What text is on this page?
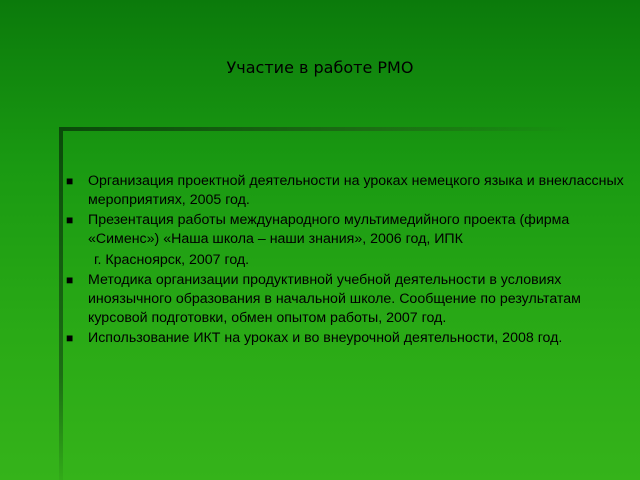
Участие в работе РМО
■ Организация проектной деятельности на уроках немецкого языка и внеклассных мероприятиях, 2005 год.
■ Презентация работы международного мультимедийного проекта (фирма «Сименс») «Наша школа – наши знания», 2006 год, ИПК
г. Красноярск, 2007 год.
■ Методика организации продуктивной учебной деятельности в условиях иноязычного образования в начальной школе. Сообщение по результатам курсовой подготовки, обмен опытом работы, 2007 год.
■ Использование ИКТ на уроках и во внеурочной деятельности, 2008 год.
